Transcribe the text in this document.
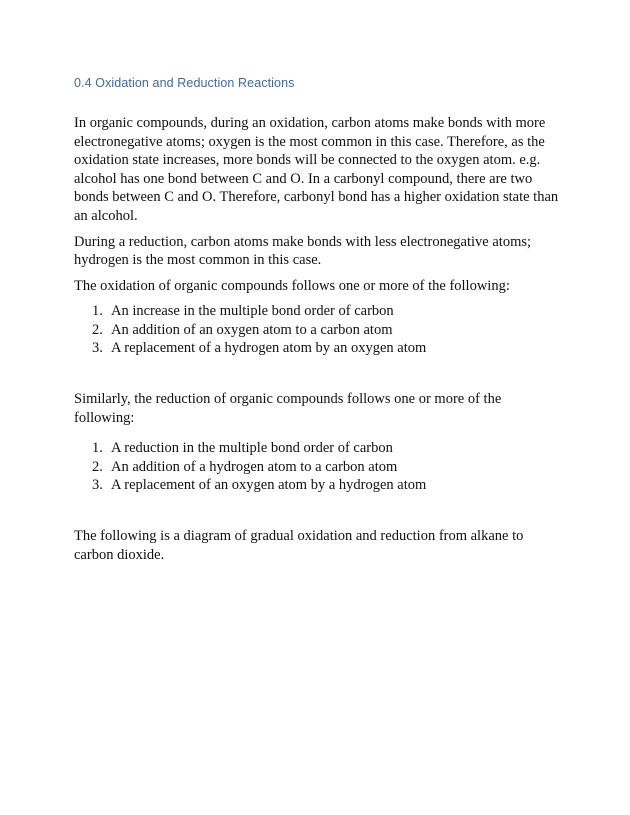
0.4 Oxidation and Reduction Reactions

In organic compounds, during an oxidation, carbon atoms make bonds with more electronegative atoms; oxygen is the most common in this case. Therefore, as the oxidation state increases, more bonds will be connected to the oxygen atom. e.g. alcohol has one bond between C and O. In a carbonyl compound, there are two bonds between C and O. Therefore, carbonyl bond has a higher oxidation state than an alcohol.

During a reduction, carbon atoms make bonds with less electronegative atoms; hydrogen is the most common in this case.

The oxidation of organic compounds follows one or more of the following:

1. An increase in the multiple bond order of carbon
2. An addition of an oxygen atom to a carbon atom
3. A replacement of a hydrogen atom by an oxygen atom

Similarly, the reduction of organic compounds follows one or more of the following:

1. A reduction in the multiple bond order of carbon
2. An addition of a hydrogen atom to a carbon atom
3. A replacement of an oxygen atom by a hydrogen atom

The following is a diagram of gradual oxidation and reduction from alkane to carbon dioxide.
